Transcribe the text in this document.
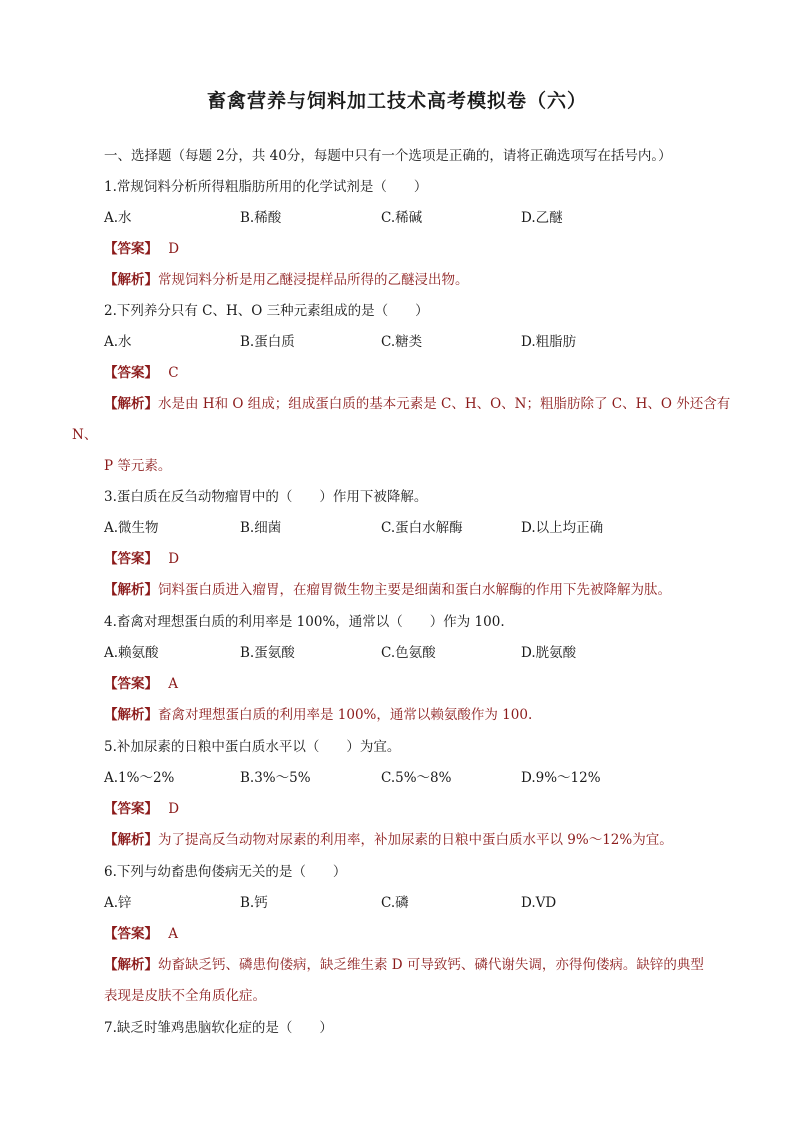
畜禽营养与饲料加工技术高考模拟卷（六）
一、选择题（每题 2分，共 40分，每题中只有一个选项是正确的，请将正确选项写在括号内。）
1.常规饲料分析所得粗脂肪所用的化学试剂是（　　）
A.水	B.稀酸	C.稀碱	D.乙醚
【答案】 D
【解析】常规饲料分析是用乙醚浸提样品所得的乙醚浸出物。
2.下列养分只有 C、H、O 三种元素组成的是（　　）
A.水	B.蛋白质	C.糖类	D.粗脂肪
【答案】 C
【解析】水是由 H和 O 组成；组成蛋白质的基本元素是 C、H、O、N；粗脂肪除了 C、H、O 外还含有
N、
P 等元素。
3.蛋白质在反刍动物瘤胃中的（　　）作用下被降解。
A.微生物	B.细菌	C.蛋白水解酶	D.以上均正确
【答案】 D
【解析】饲料蛋白质进入瘤胃，在瘤胃微生物主要是细菌和蛋白水解酶的作用下先被降解为肽。
4.畜禽对理想蛋白质的利用率是 100%，通常以（　　）作为 100.
A.赖氨酸	B.蛋氨酸	C.色氨酸	D.胱氨酸
【答案】 A
【解析】畜禽对理想蛋白质的利用率是 100%，通常以赖氨酸作为 100.
5.补加尿素的日粮中蛋白质水平以（　　）为宜。
A.1%～2%	B.3%～5%	C.5%～8%	D.9%～12%
【答案】 D
【解析】为了提高反刍动物对尿素的利用率，补加尿素的日粮中蛋白质水平以 9%～12%为宜。
6.下列与幼畜患佝偻病无关的是（　　）
A.锌	B.钙	C.磷	D.VD
【答案】 A
【解析】幼畜缺乏钙、磷患佝偻病，缺乏维生素 D 可导致钙、磷代谢失调，亦得佝偻病。缺锌的典型
表现是皮肤不全角质化症。
7.缺乏时雏鸡患脑软化症的是（　　）
